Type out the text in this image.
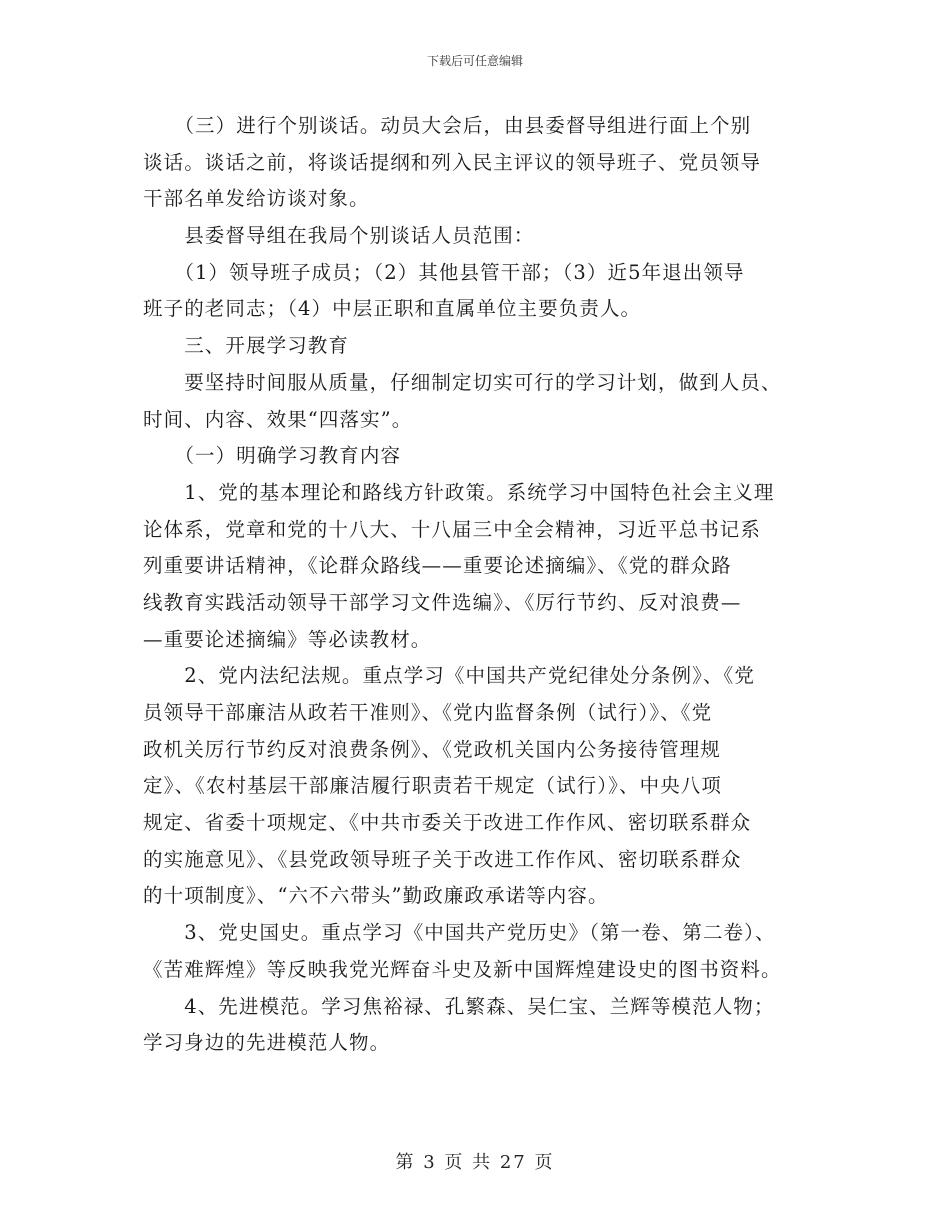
下载后可任意编辑
　　（三）进行个别谈话。动员大会后，由县委督导组进行面上个别
谈话。谈话之前，将谈话提纲和列入民主评议的领导班子、党员领导
干部名单发给访谈对象。
　　县委督导组在我局个别谈话人员范围：
　　（1）领导班子成员；（2）其他县管干部；（3）近5年退出领导
班子的老同志；（4）中层正职和直属单位主要负责人。
　　三、开展学习教育
　　要坚持时间服从质量，仔细制定切实可行的学习计划，做到人员、
时间、内容、效果“四落实”。
　　（一）明确学习教育内容
　　1、党的基本理论和路线方针政策。系统学习中国特色社会主义理
论体系，党章和党的十八大、十八届三中全会精神，习近平总书记系
列重要讲话精神，《论群众路线——重要论述摘编》、《党的群众路
线教育实践活动领导干部学习文件选编》、《厉行节约、反对浪费—
—重要论述摘编》等必读教材。
　　2、党内法纪法规。重点学习《中国共产党纪律处分条例》、《党
员领导干部廉洁从政若干准则》、《党内监督条例（试行）》、《党
政机关厉行节约反对浪费条例》、《党政机关国内公务接待管理规
定》、《农村基层干部廉洁履行职责若干规定（试行）》、中央八项
规定、省委十项规定、《中共市委关于改进工作作风、密切联系群众
的实施意见》、《县党政领导班子关于改进工作作风、密切联系群众
的十项制度》、“六不六带头”勤政廉政承诺等内容。
　　3、党史国史。重点学习《中国共产党历史》（第一卷、第二卷）、
《苦难辉煌》等反映我党光辉奋斗史及新中国辉煌建设史的图书资料。
　　4、先进模范。学习焦裕禄、孔繁森、吴仁宝、兰辉等模范人物；
学习身边的先进模范人物。
第 3 页 共 27 页
